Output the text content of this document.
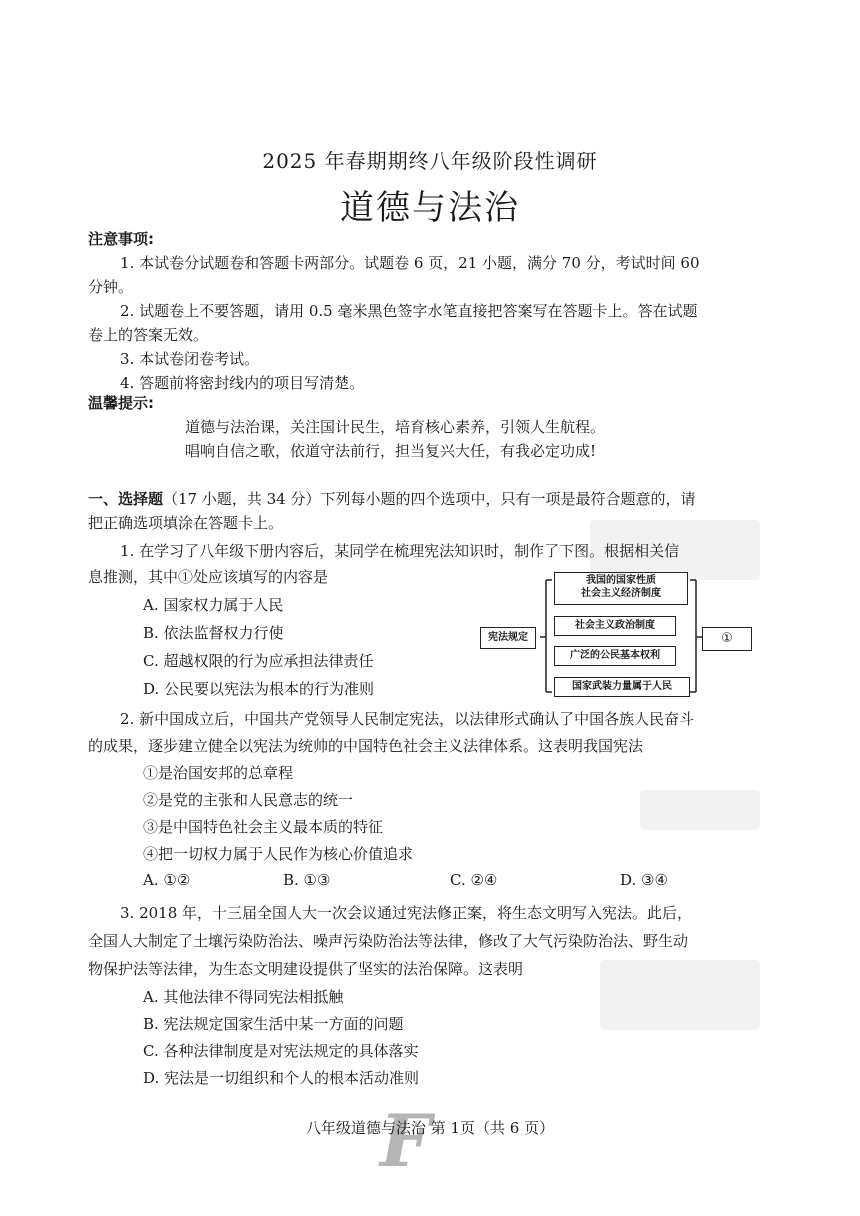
2025 年春期期终八年级阶段性调研
道德与法治
注意事项:
1. 本试卷分试题卷和答题卡两部分。试题卷 6 页，21 小题，满分 70 分，考试时间 60
分钟。
2. 试题卷上不要答题，请用 0.5 毫米黑色签字水笔直接把答案写在答题卡上。答在试题
卷上的答案无效。
3. 本试卷闭卷考试。
4. 答题前将密封线内的项目写清楚。
温馨提示:
道德与法治课，关注国计民生，培育核心素养，引领人生航程。
唱响自信之歌，依道守法前行，担当复兴大任，有我必定功成!
一、选择题（17 小题，共 34 分）下列每小题的四个选项中，只有一项是最符合题意的，请
把正确选项填涂在答题卡上。
1. 在学习了八年级下册内容后，某同学在梳理宪法知识时，制作了下图。根据相关信
息推测，其中①处应该填写的内容是
A. 国家权力属于人民
B. 依法监督权力行使
C. 超越权限的行为应承担法律责任
D. 公民要以宪法为根本的行为准则
宪法规定
我国的国家性质
社会主义经济制度
社会主义政治制度
广泛的公民基本权利
国家武装力量属于人民
①
2. 新中国成立后，中国共产党领导人民制定宪法，以法律形式确认了中国各族人民奋斗
的成果，逐步建立健全以宪法为统帅的中国特色社会主义法律体系。这表明我国宪法
①是治国安邦的总章程
②是党的主张和人民意志的统一
③是中国特色社会主义最本质的特征
④把一切权力属于人民作为核心价值追求
A. ①②	B. ①③	C. ②④	D. ③④
3. 2018 年，十三届全国人大一次会议通过宪法修正案，将生态文明写入宪法。此后，
全国人大制定了土壤污染防治法、噪声污染防治法等法律，修改了大气污染防治法、野生动
物保护法等法律，为生态文明建设提供了坚实的法治保障。这表明
A. 其他法律不得同宪法相抵触
B. 宪法规定国家生活中某一方面的问题
C. 各种法律制度是对宪法规定的具体落实
D. 宪法是一切组织和个人的根本活动准则
F
八年级道德与法治 第 1页（共 6 页）
